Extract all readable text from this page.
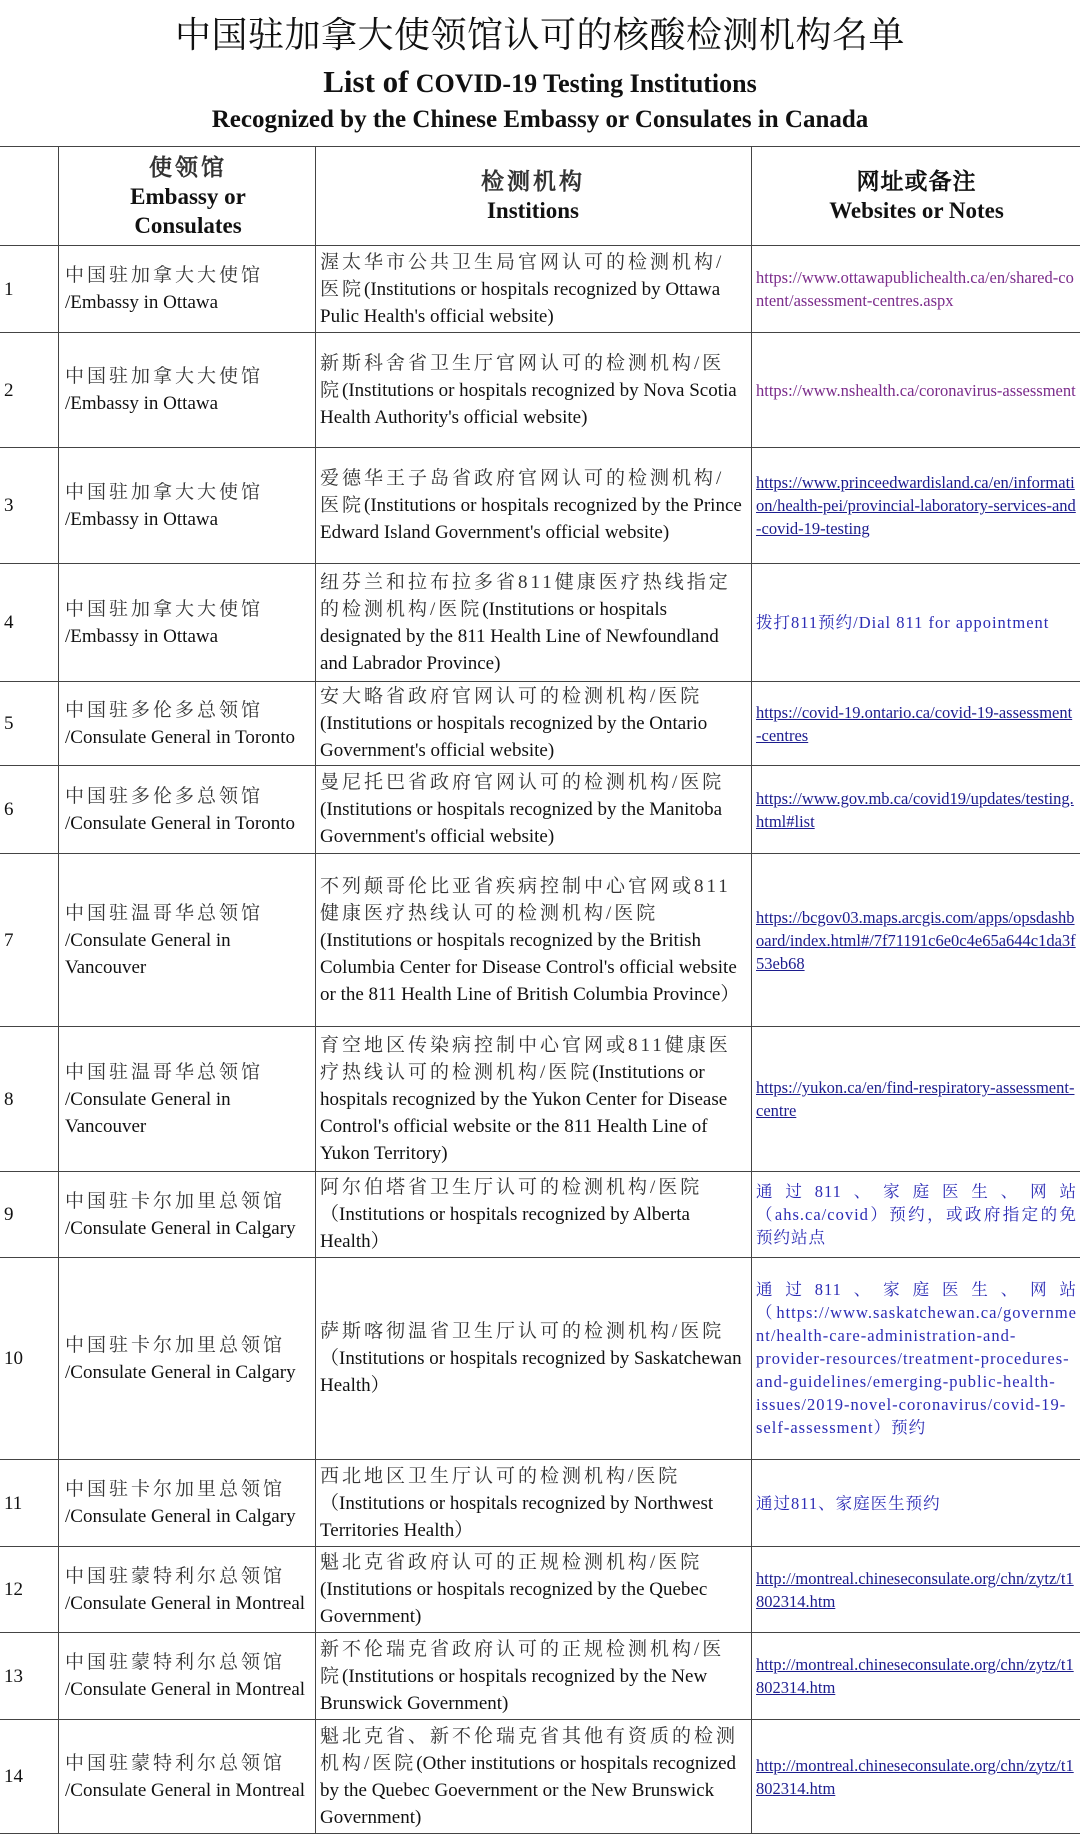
中国驻加拿大使领馆认可的核酸检测机构名单
List of COVID-19 Testing Institutions
Recognized by the Chinese Embassy or Consulates in Canada
使领馆
Embassy or Consulates
检测机构
Institions
网址或备注
Websites or Notes
1
中国驻加拿大大使馆
/Embassy in Ottawa
渥太华市公共卫生局官网认可的检测机构/医院(Institutions or hospitals recognized by Ottawa Pulic Health's official website)
https://www.ottawapublichealth.ca/en/shared-content/assessment-centres.aspx
2
中国驻加拿大大使馆
/Embassy in Ottawa
新斯科舍省卫生厅官网认可的检测机构/医院(Institutions or hospitals recognized by Nova Scotia Health Authority's official website)
https://www.nshealth.ca/coronavirus-assessment
3
中国驻加拿大大使馆
/Embassy in Ottawa
爱德华王子岛省政府官网认可的检测机构/医院(Institutions or hospitals recognized by the Prince Edward Island Government's official website)
https://www.princeedwardisland.ca/en/information/health-pei/provincial-laboratory-services-and-covid-19-testing
4
中国驻加拿大大使馆
/Embassy in Ottawa
纽芬兰和拉布拉多省811健康医疗热线指定的检测机构/医院(Institutions or hospitals designated by the 811 Health Line of Newfoundland and Labrador Province)
拨打811预约/Dial 811 for appointment
5
中国驻多伦多总领馆
/Consulate General in Toronto
安大略省政府官网认可的检测机构/医院(Institutions or hospitals recognized by the Ontario Government's official website)
https://covid-19.ontario.ca/covid-19-assessment-centres
6
中国驻多伦多总领馆
/Consulate General in Toronto
曼尼托巴省政府官网认可的检测机构/医院(Institutions or hospitals recognized by the Manitoba Government's official website)
https://www.gov.mb.ca/covid19/updates/testing.html#list
7
中国驻温哥华总领馆
/Consulate General in Vancouver
不列颠哥伦比亚省疾病控制中心官网或811健康医疗热线认可的检测机构/医院(Institutions or hospitals recognized by the British Columbia Center for Disease Control's official website or the 811 Health Line of British Columbia Province）
https://bcgov03.maps.arcgis.com/apps/opsdashboard/index.html#/7f71191c6e0c4e65a644c1da3f53eb68
8
中国驻温哥华总领馆
/Consulate General in Vancouver
育空地区传染病控制中心官网或811健康医疗热线认可的检测机构/医院(Institutions or hospitals recognized by the Yukon Center for Disease Control's official website or the 811 Health Line of Yukon Territory)
https://yukon.ca/en/find-respiratory-assessment-centre
9
中国驻卡尔加里总领馆
/Consulate General in Calgary
阿尔伯塔省卫生厅认可的检测机构/医院（Institutions or hospitals recognized by Alberta Health）
通过811、家庭医生、网站（ahs.ca/covid）预约，或政府指定的免预约站点
10
中国驻卡尔加里总领馆
/Consulate General in Calgary
萨斯喀彻温省卫生厅认可的检测机构/医院（Institutions or hospitals recognized by Saskatchewan Health）
通过811、家庭医生、网站（https://www.saskatchewan.ca/government/health-care-administration-and-provider-resources/treatment-procedures-and-guidelines/emerging-public-health-issues/2019-novel-coronavirus/covid-19-self-assessment）预约
11
中国驻卡尔加里总领馆
/Consulate General in Calgary
西北地区卫生厅认可的检测机构/医院（Institutions or hospitals recognized by Northwest Territories Health）
通过811、家庭医生预约
12
中国驻蒙特利尔总领馆
/Consulate General in Montreal
魁北克省政府认可的正规检测机构/医院(Institutions or hospitals recognized by the Quebec Government)
http://montreal.chineseconsulate.org/chn/zytz/t1802314.htm
13
中国驻蒙特利尔总领馆
/Consulate General in Montreal
新不伦瑞克省政府认可的正规检测机构/医院(Institutions or hospitals recognized by the New Brunswick Government)
http://montreal.chineseconsulate.org/chn/zytz/t1802314.htm
14
中国驻蒙特利尔总领馆
/Consulate General in Montreal
魁北克省、新不伦瑞克省其他有资质的检测机构/医院(Other institutions or hospitals recognized by the Quebec Goevernment or the New Brunswick Government)
http://montreal.chineseconsulate.org/chn/zytz/t1802314.htm
